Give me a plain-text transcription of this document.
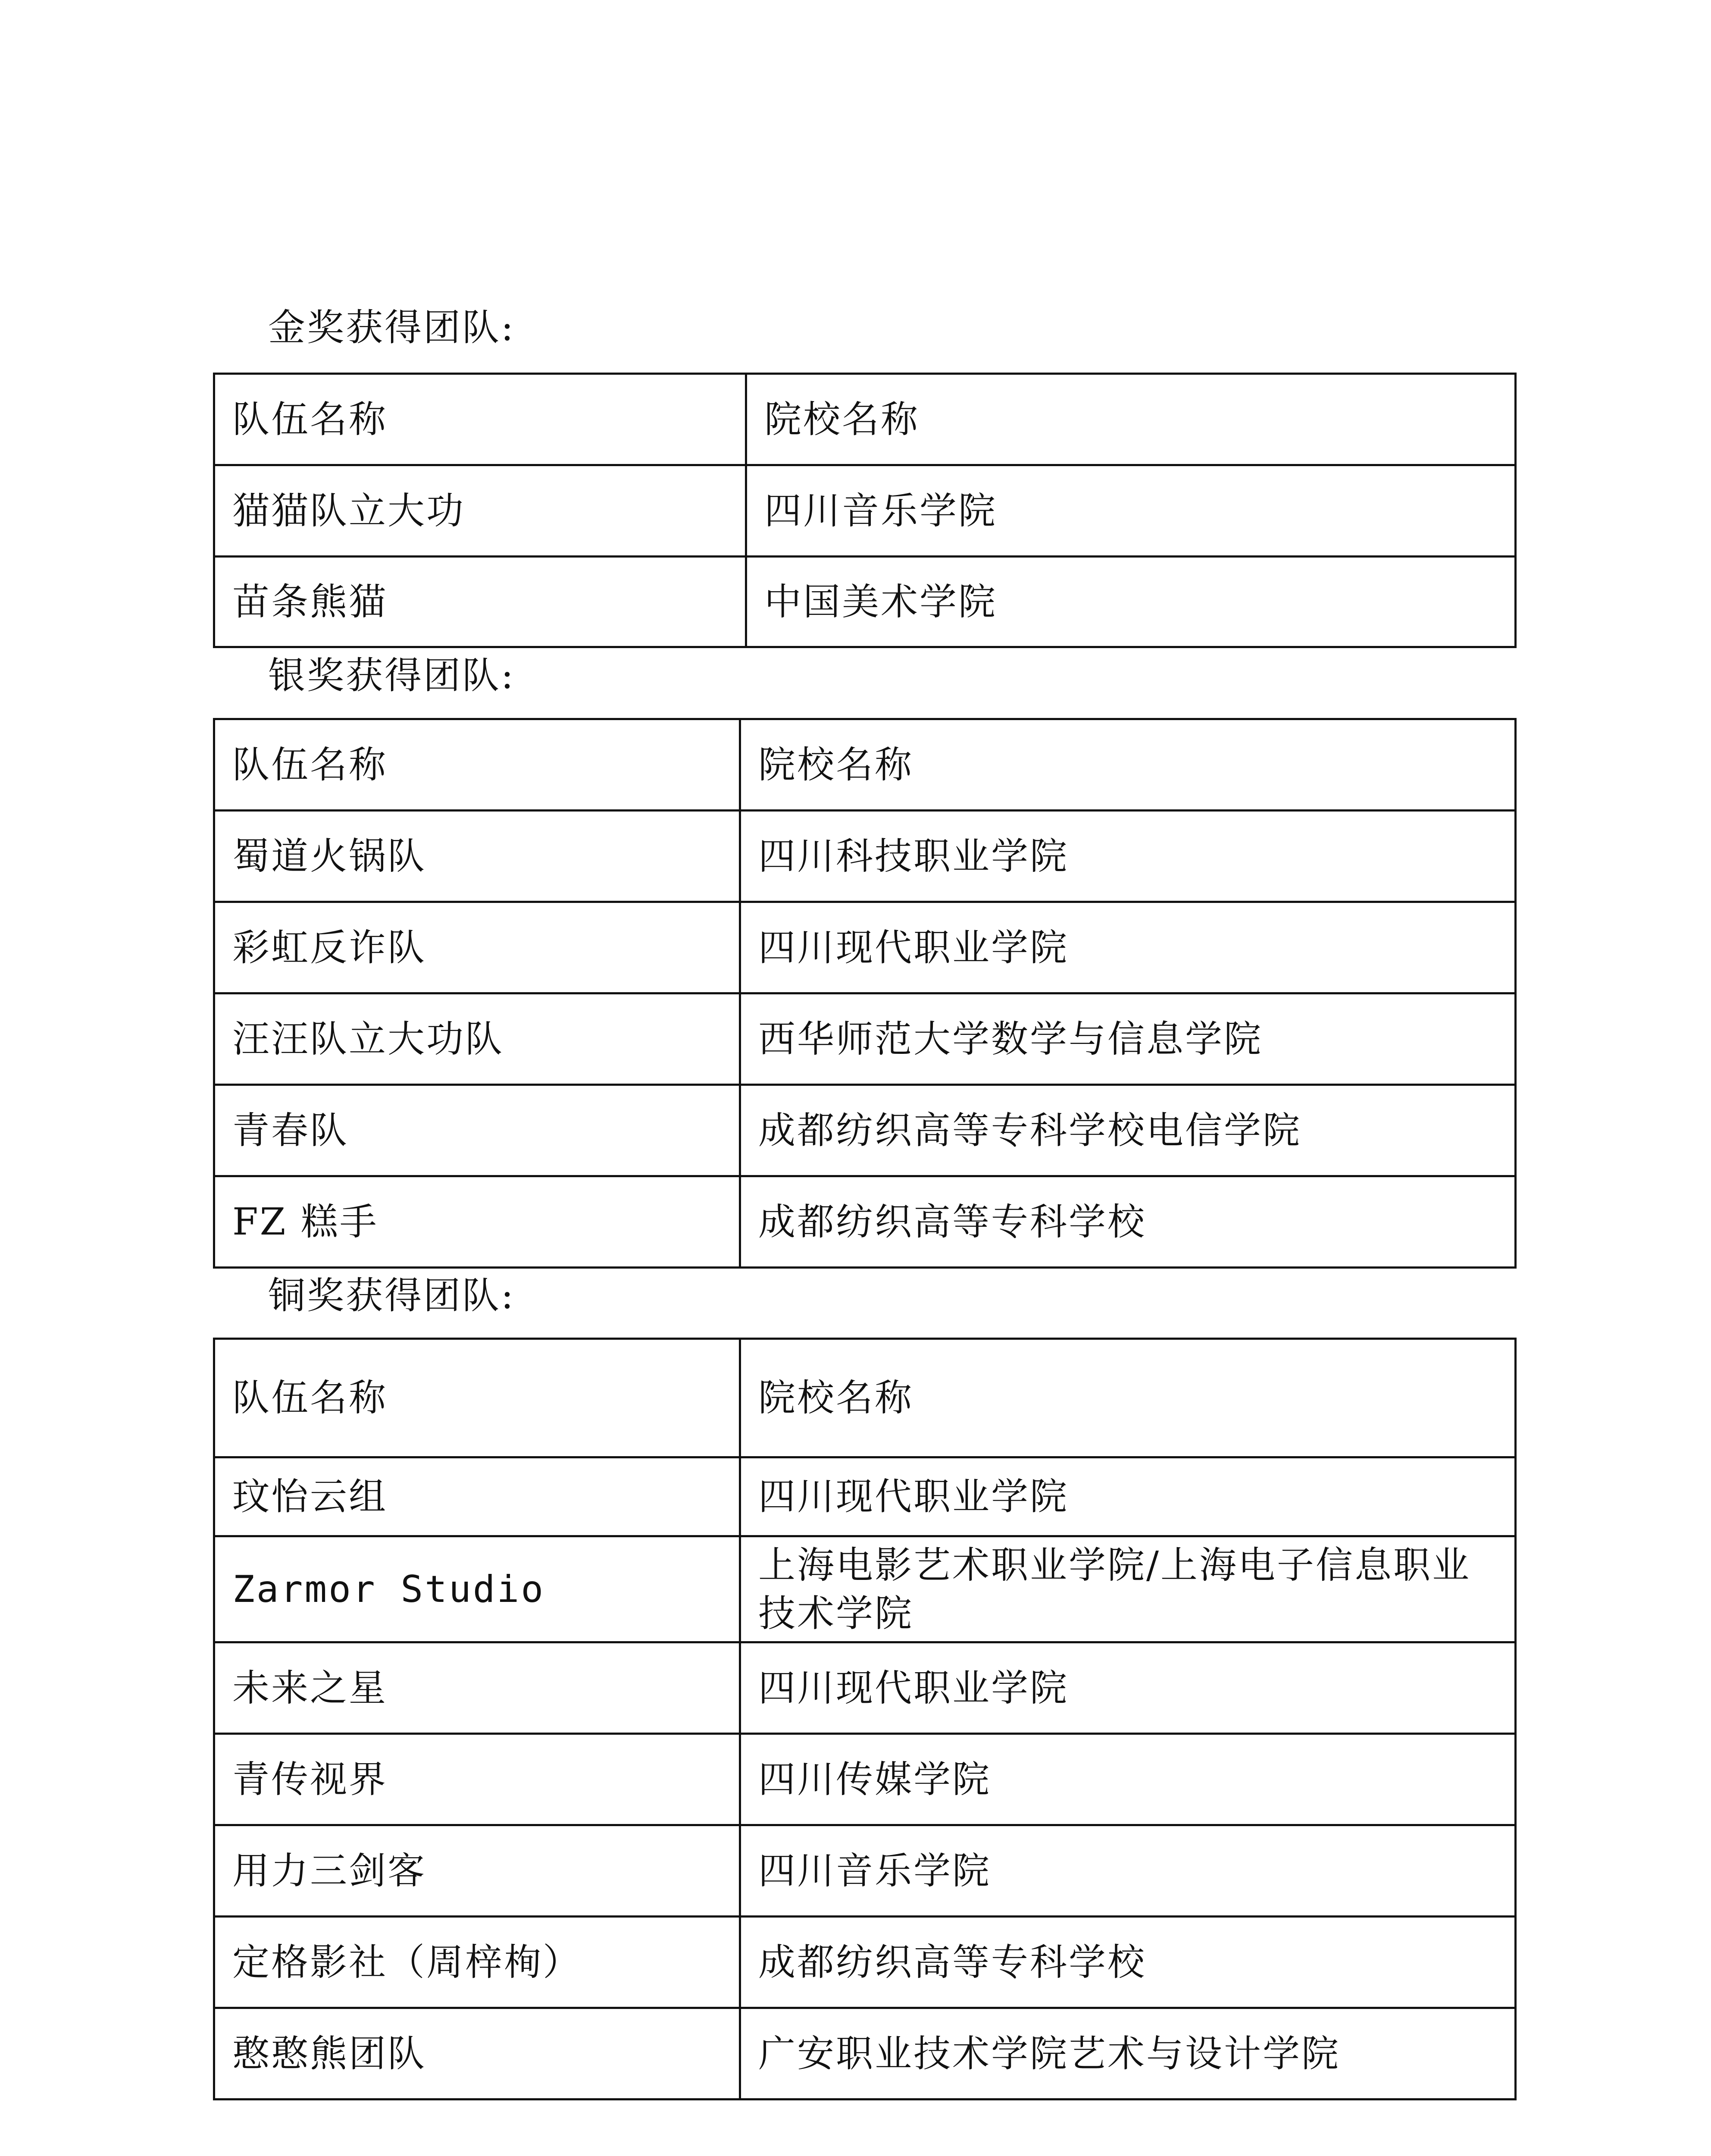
金奖获得团队:
队伍名称	院校名称
猫猫队立大功	四川音乐学院
苗条熊猫	中国美术学院
银奖获得团队:
队伍名称	院校名称
蜀道火锅队	四川科技职业学院
彩虹反诈队	四川现代职业学院
汪汪队立大功队	西华师范大学数学与信息学院
青春队	成都纺织高等专科学校电信学院
FZ 糕手	成都纺织高等专科学校
铜奖获得团队:
队伍名称	院校名称
玟怡云组	四川现代职业学院
Zarmor Studio	上海电影艺术职业学院/上海电子信息职业技术学院
未来之星	四川现代职业学院
青传视界	四川传媒学院
用力三剑客	四川音乐学院
定格影社（周梓栒）	成都纺织高等专科学校
憨憨熊团队	广安职业技术学院艺术与设计学院
